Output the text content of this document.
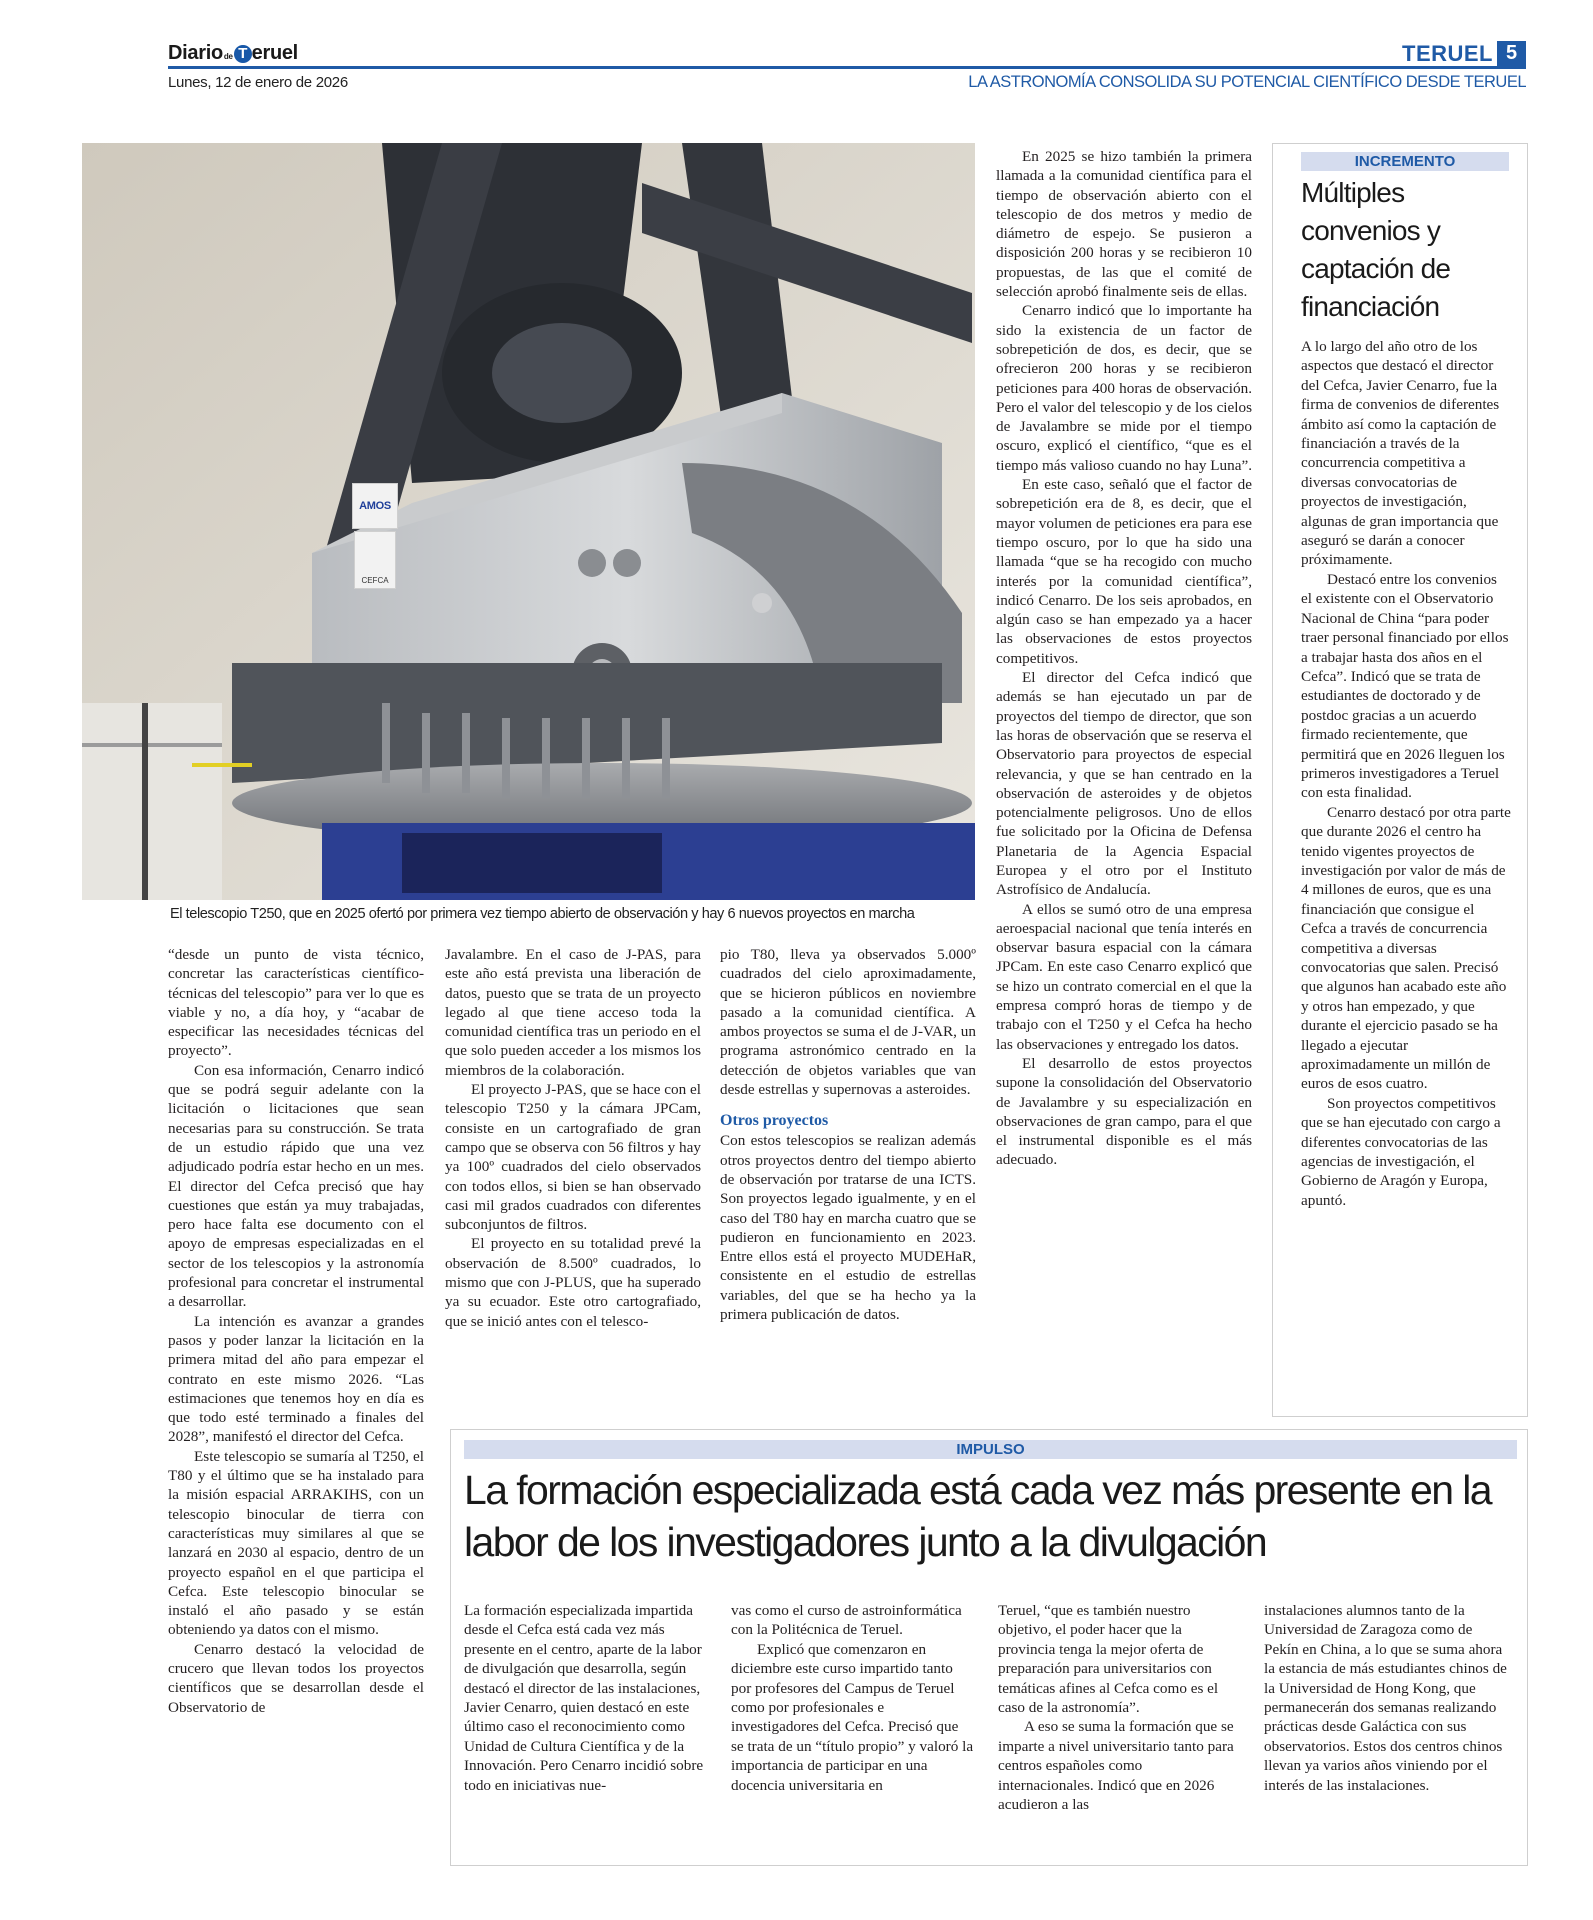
Diario de T eruel
Lunes, 12 de enero de 2026
TERUEL 5
LA ASTRONOMÍA CONSOLIDA SU POTENCIAL CIENTÍFICO DESDE TERUEL
AMOS
CEFCA
El telescopio T250, que en 2025 ofertó por primera vez tiempo abierto de observación y hay 6 nuevos proyectos en marcha

“desde un punto de vista técnico, concretar las características científico-técnicas del telescopio” para ver lo que es viable y no, a día hoy, y “acabar de especificar las necesidades técnicas del proyecto”.

Con esa información, Cenarro indicó que se podrá seguir adelante con la licitación o licitaciones que sean necesarias para su construcción. Se trata de un estudio rápido que una vez adjudicado podría estar hecho en un mes. El director del Cefca precisó que hay cuestiones que están ya muy trabajadas, pero hace falta ese documento con el apoyo de empresas especializadas en el sector de los telescopios y la astronomía profesional para concretar el instrumental a desarrollar.

La intención es avanzar a grandes pasos y poder lanzar la licitación en la primera mitad del año para empezar el contrato en este mismo 2026. “Las estimaciones que tenemos hoy en día es que todo esté terminado a finales del 2028”, manifestó el director del Cefca.

Este telescopio se sumaría al T250, el T80 y el último que se ha instalado para la misión espacial ARRAKIHS, con un telescopio binocular de tierra con características muy similares al que se lanzará en 2030 al espacio, dentro de un proyecto español en el que participa el Cefca. Este telescopio binocular se instaló el año pasado y se están obteniendo ya datos con el mismo.

Cenarro destacó la velocidad de crucero que llevan todos los proyectos científicos que se desarrollan desde el Observatorio de

Javalambre. En el caso de J-PAS, para este año está prevista una liberación de datos, puesto que se trata de un proyecto legado al que tiene acceso toda la comunidad científica tras un periodo en el que solo pueden acceder a los mismos los miembros de la colaboración.

El proyecto J-PAS, que se hace con el telescopio T250 y la cámara JPCam, consiste en un cartografiado de gran campo que se observa con 56 filtros y hay ya 100º cuadrados del cielo observados con todos ellos, si bien se han observado casi mil grados cuadrados con diferentes subconjuntos de filtros.

El proyecto en su totalidad prevé la observación de 8.500º cuadrados, lo mismo que con J-PLUS, que ha superado ya su ecuador. Este otro cartografiado, que se inició antes con el telesco-

pio T80, lleva ya observados 5.000º cuadrados del cielo aproximadamente, que se hicieron públicos en noviembre pasado a la comunidad científica. A ambos proyectos se suma el de J-VAR, un programa astronómico centrado en la detección de objetos variables que van desde estrellas y supernovas a asteroides.

Otros proyectos

Con estos telescopios se realizan además otros proyectos dentro del tiempo abierto de observación por tratarse de una ICTS. Son proyectos legado igualmente, y en el caso del T80 hay en marcha cuatro que se pudieron en funcionamiento en 2023. Entre ellos está el proyecto MUDEHaR, consistente en el estudio de estrellas variables, del que se ha hecho ya la primera publicación de datos.

En 2025 se hizo también la primera llamada a la comunidad científica para el tiempo de observación abierto con el telescopio de dos metros y medio de diámetro de espejo. Se pusieron a disposición 200 horas y se recibieron 10 propuestas, de las que el comité de selección aprobó finalmente seis de ellas.

Cenarro indicó que lo importante ha sido la existencia de un factor de sobrepetición de dos, es decir, que se ofrecieron 200 horas y se recibieron peticiones para 400 horas de observación. Pero el valor del telescopio y de los cielos de Javalambre se mide por el tiempo oscuro, explicó el científico, “que es el tiempo más valioso cuando no hay Luna”.

En este caso, señaló que el factor de sobrepetición era de 8, es decir, que el mayor volumen de peticiones era para ese tiempo oscuro, por lo que ha sido una llamada “que se ha recogido con mucho interés por la comunidad científica”, indicó Cenarro. De los seis aprobados, en algún caso se han empezado ya a hacer las observaciones de estos proyectos competitivos.

El director del Cefca indicó que además se han ejecutado un par de proyectos del tiempo de director, que son las horas de observación que se reserva el Observatorio para proyectos de especial relevancia, y que se han centrado en la observación de asteroides y de objetos potencialmente peligrosos. Uno de ellos fue solicitado por la Oficina de Defensa Planetaria de la Agencia Espacial Europea y el otro por el Instituto Astrofísico de Andalucía.

A ellos se sumó otro de una empresa aeroespacial nacional que tenía interés en observar basura espacial con la cámara JPCam. En este caso Cenarro explicó que se hizo un contrato comercial en el que la empresa compró horas de tiempo y de trabajo con el T250 y el Cefca ha hecho las observaciones y entregado los datos.

El desarrollo de estos proyectos supone la consolidación del Observatorio de Javalambre y su especialización en observaciones de gran campo, para el que el instrumental disponible es el más adecuado.

INCREMENTO
Múltiples convenios y captación de financiación

A lo largo del año otro de los aspectos que destacó el director del Cefca, Javier Cenarro, fue la firma de convenios de diferentes ámbito así como la captación de financiación a través de la concurrencia competitiva a diversas convocatorias de proyectos de investigación, algunas de gran importancia que aseguró se darán a conocer próximamente.

Destacó entre los convenios el existente con el Observatorio Nacional de China “para poder traer personal financiado por ellos a trabajar hasta dos años en el Cefca”. Indicó que se trata de estudiantes de doctorado y de postdoc gracias a un acuerdo firmado recientemente, que permitirá que en 2026 lleguen los primeros investigadores a Teruel con esta finalidad.

Cenarro destacó por otra parte que durante 2026 el centro ha tenido vigentes proyectos de investigación por valor de más de 4 millones de euros, que es una financiación que consigue el Cefca a través de concurrencia competitiva a diversas convocatorias que salen. Precisó que algunos han acabado este año y otros han empezado, y que durante el ejercicio pasado se ha llegado a ejecutar aproximadamente un millón de euros de esos cuatro.

Son proyectos competitivos que se han ejecutado con cargo a diferentes convocatorias de las agencias de investigación, el Gobierno de Aragón y Europa, apuntó.

IMPULSO
La formación especializada está cada vez más presente en la labor de los investigadores junto a la divulgación

La formación especializada impartida desde el Cefca está cada vez más presente en el centro, aparte de la labor de divulgación que desarrolla, según destacó el director de las instalaciones, Javier Cenarro, quien destacó en este último caso el reconocimiento como Unidad de Cultura Científica y de la Innovación. Pero Cenarro incidió sobre todo en iniciativas nue-

vas como el curso de astroinformática con la Politécnica de Teruel.

Explicó que comenzaron en diciembre este curso impartido tanto por profesores del Campus de Teruel como por profesionales e investigadores del Cefca. Precisó que se trata de un “título propio” y valoró la importancia de participar en una docencia universitaria en

Teruel, “que es también nuestro objetivo, el poder hacer que la provincia tenga la mejor oferta de preparación para universitarios con temáticas afines al Cefca como es el caso de la astronomía”.

A eso se suma la formación que se imparte a nivel universitario tanto para centros españoles como internacionales. Indicó que en 2026 acudieron a las

instalaciones alumnos tanto de la Universidad de Zaragoza como de Pekín en China, a lo que se suma ahora la estancia de más estudiantes chinos de la Universidad de Hong Kong, que permanecerán dos semanas realizando prácticas desde Galáctica con sus observatorios. Estos dos centros chinos llevan ya varios años viniendo por el interés de las instalaciones.
